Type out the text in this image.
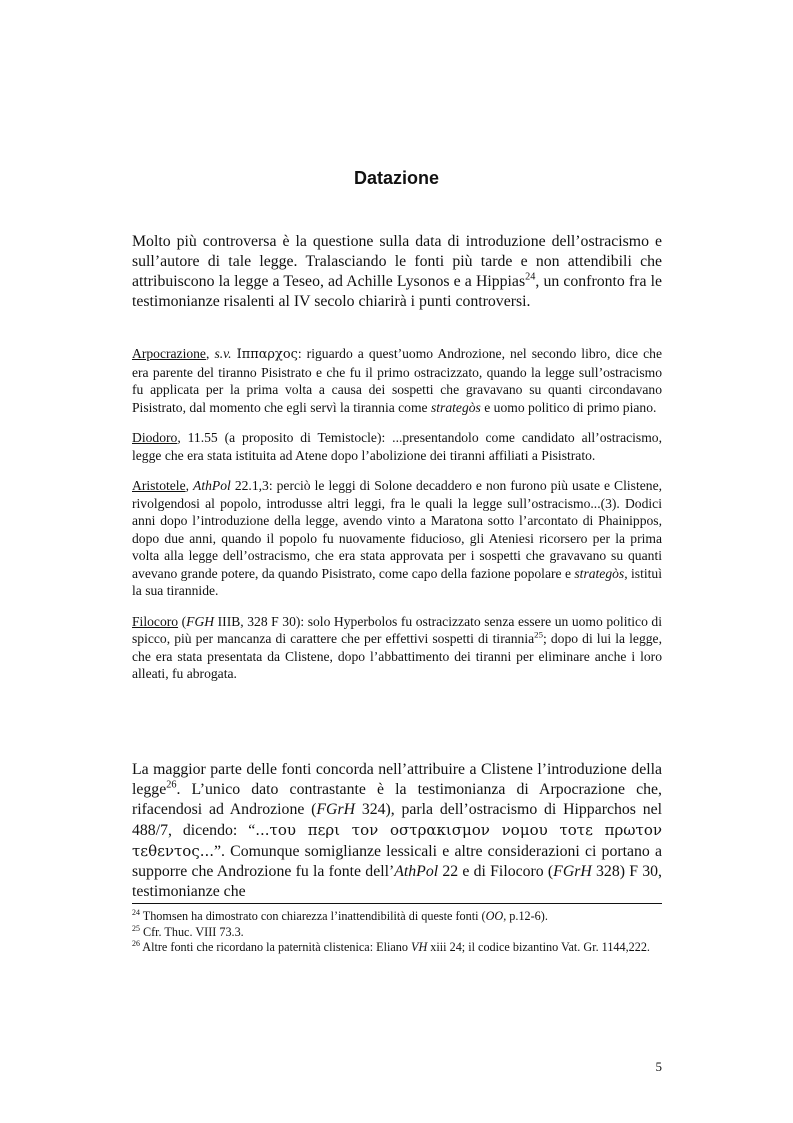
Datazione

Molto più controversa è la questione sulla data di introduzione dell’ostracismo e sull’autore di tale legge. Tralasciando le fonti più tarde e non attendibili che attribuiscono la legge a Teseo, ad Achille Lysonos e a Hippias$^{24}$, un confronto fra le testimonianze risalenti al IV secolo chiarirà i punti controversi.

Arpocrazione, s.v. Ιππαρχος: riguardo a quest’uomo Androzione, nel secondo libro, dice che era parente del tiranno Pisistrato e che fu il primo ostracizzato, quando la legge sull’ostracismo fu applicata per la prima volta a causa dei sospetti che gravavano su quanti circondavano Pisistrato, dal momento che egli servì la tirannia come strategòs e uomo politico di primo piano.

Diodoro, 11.55 (a proposito di Temistocle): ...presentandolo come candidato all’ostracismo, legge che era stata istituita ad Atene dopo l’abolizione dei tiranni affiliati a Pisistrato.

Aristotele, AthPol 22.1,3: perciò le leggi di Solone decaddero e non furono più usate e Clistene, rivolgendosi al popolo, introdusse altri leggi, fra le quali la legge sull’ostracismo...(3). Dodici anni dopo l’introduzione della legge, avendo vinto a Maratona sotto l’arcontato di Phainippos, dopo due anni, quando il popolo fu nuovamente fiducioso, gli Ateniesi ricorsero per la prima volta alla legge dell’ostracismo, che era stata approvata per i sospetti che gravavano su quanti avevano grande potere, da quando Pisistrato, come capo della fazione popolare e strategòs, istituì la sua tirannide.

Filocoro (FGH IIIB, 328 F 30): solo Hyperbolos fu ostracizzato senza essere un uomo politico di spicco, più per mancanza di carattere che per effettivi sospetti di tirannia$^{25}$; dopo di lui la legge, che era stata presentata da Clistene, dopo l’abbattimento dei tiranni per eliminare anche i loro alleati, fu abrogata.

La maggior parte delle fonti concorda nell’attribuire a Clistene l’introduzione della legge$^{26}$. L’unico dato contrastante è la testimonianza di Arpocrazione che, rifacendosi ad Androzione (FGrH 324), parla dell’ostracismo di Hipparchos nel 488/7, dicendo: “...του περι τον οστρακισμον νομου τοτε πρωτον τεθεντος...”. Comunque somiglianze lessicali e altre considerazioni ci portano a supporre che Androzione fu la fonte dell’AthPol 22 e di Filocoro (FGrH 328) F 30, testimonianze che

$^{24}$ Thomsen ha dimostrato con chiarezza l’inattendibilità di queste fonti (OO, p.12-6).

$^{25}$ Cfr. Thuc. VIII 73.3.

$^{26}$ Altre fonti che ricordano la paternità clistenica: Eliano VH xiii 24; il codice bizantino Vat. Gr. 1144,222.

5
